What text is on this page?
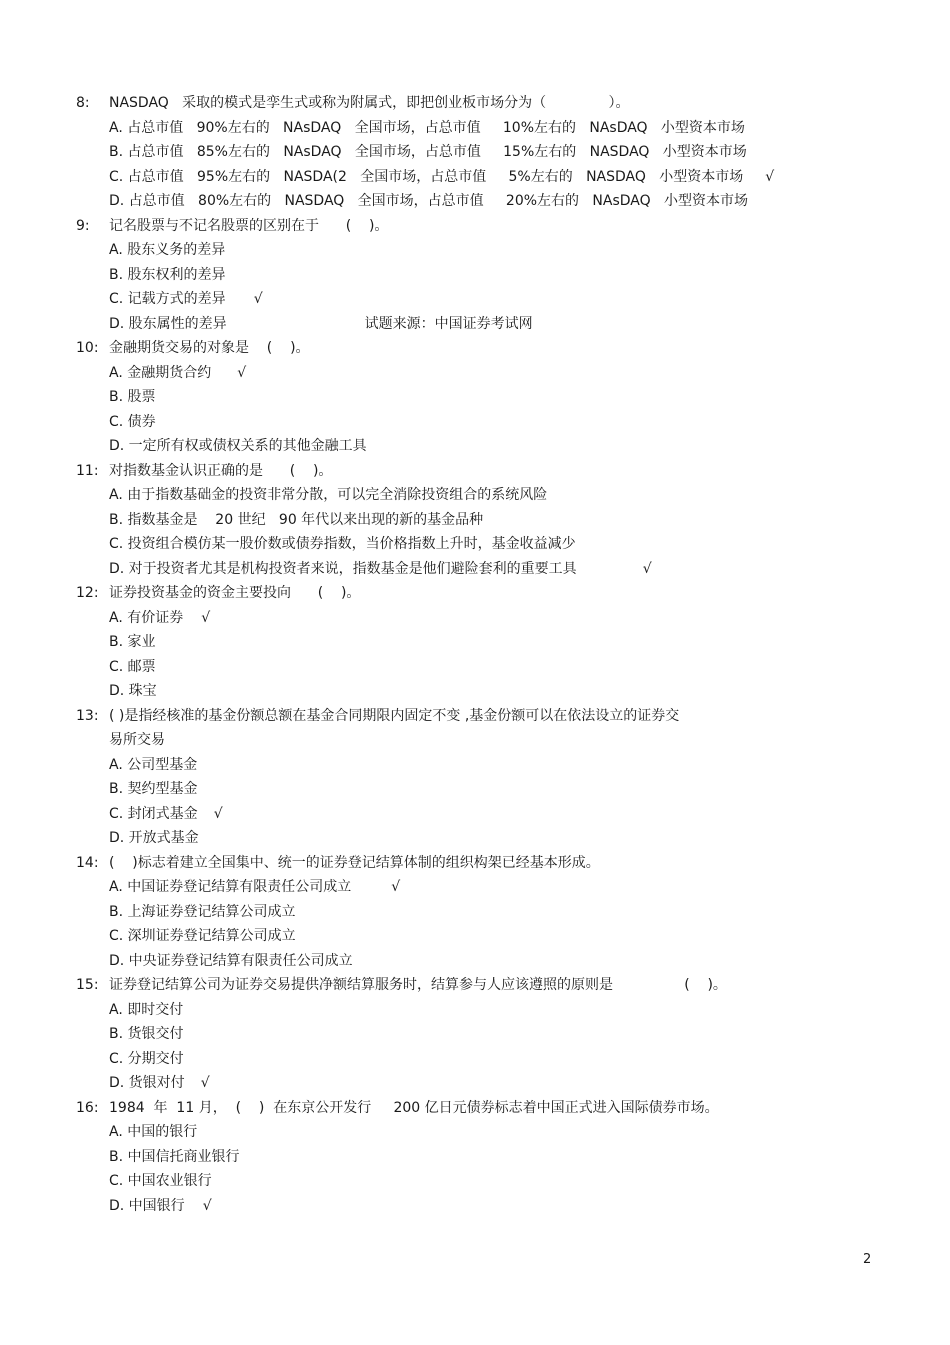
8:	NASDAQ   采取的模式是孪生式或称为附属式，即把创业板市场分为（              ）。
A. 占总市值   90%左右的   NAsDAQ   全国市场，占总市值     10%左右的   NAsDAQ   小型资本市场
B. 占总市值   85%左右的   NAsDAQ   全国市场，占总市值     15%左右的   NASDAQ   小型资本市场
C. 占总市值   95%左右的   NASDA(2   全国市场，占总市值     5%左右的   NASDAQ   小型资本市场 √
D. 占总市值   80%左右的   NASDAQ   全国市场，占总市值     20%左右的   NAsDAQ   小型资本市场
9:	记名股票与不记名股票的区别在于      (    )。
A. 股东义务的差异
B. 股东权利的差异
C. 记载方式的差异 √
D. 股东属性的差异                               试题来源：中国证券考试网
10: 金融期货交易的对象是    (    )。
A. 金融期货合约 √
B. 股票
C. 债券
D. 一定所有权或债权关系的其他金融工具
11: 对指数基金认识正确的是      (    )。
A. 由于指数基础金的投资非常分散，可以完全消除投资组合的系统风险
B. 指数基金是    20 世纪   90 年代以来出现的新的基金品种
C. 投资组合模仿某一股价数或债券指数，当价格指数上升时，基金收益减少
D. 对于投资者尤其是机构投资者来说，指数基金是他们避险套利的重要工具	√
12: 证券投资基金的资金主要投向      (    )。
A. 有价证券 √
B. 家业
C. 邮票
D. 珠宝
13: ( )是指经核准的基金份额总额在基金合同期限内固定不变 ,基金份额可以在依法设立的证券交
易所交易
A. 公司型基金
B. 契约型基金
C. 封闭式基金 √
D. 开放式基金
14: (    )标志着建立全国集中、统一的证券登记结算体制的组织构架已经基本形成。
A. 中国证券登记结算有限责任公司成立	√
B. 上海证券登记结算公司成立
C. 深圳证券登记结算公司成立
D. 中央证券登记结算有限责任公司成立
15: 证券登记结算公司为证券交易提供净额结算服务时，结算参与人应该遵照的原则是                (    )。
A. 即时交付
B. 货银交付
C. 分期交付
D. 货银对付 √
16: 1984  年  11 月，  (    )  在东京公开发行     200 亿日元债券标志着中国正式进入国际债券市场。
A. 中国的银行
B. 中国信托商业银行
C. 中国农业银行
D. 中国银行 √
2
